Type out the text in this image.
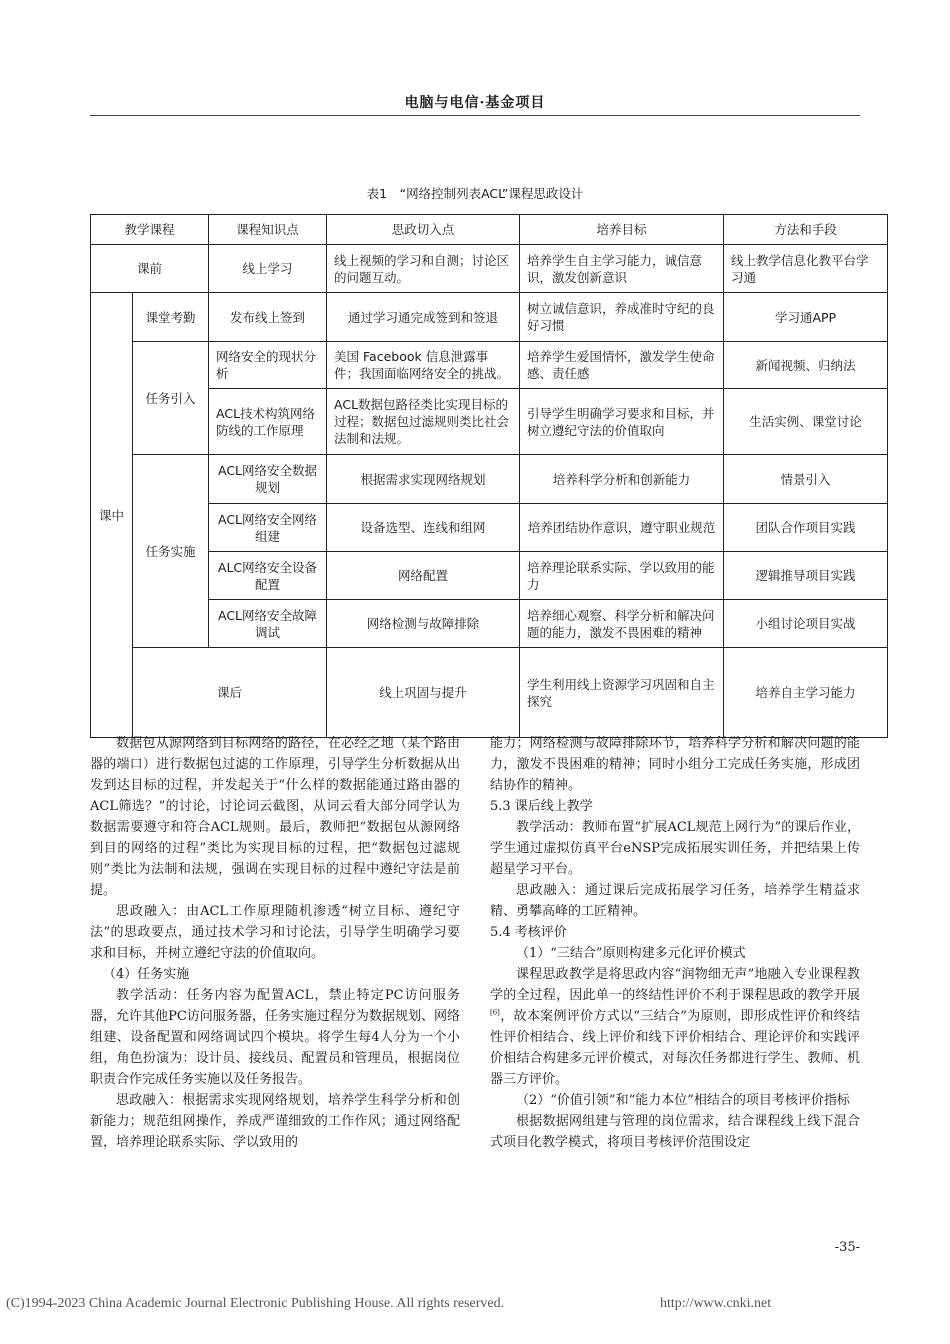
电脑与电信·基金项目
表1　“网络控制列表ACL”课程思政设计
教学课程		课程知识点	思政切入点	培养目标	方法和手段	
课前		线上学习	线上视频的学习和自测；讨论区的问题互动。	培养学生自主学习能力，诚信意识，激发创新意识	线上教学信息化教平台学习通	
课中	课堂考勤	发布线上签到	通过学习通完成签到和签退	树立诚信意识，养成准时守纪的良好习惯	学习通APP	
	任务引入	网络安全的现状分析	美国 Facebook 信息泄露事件；我国面临网络安全的挑战。	培养学生爱国情怀，激发学生使命感、责任感	新闻视频、归纳法	
		ACL技术构筑网络防线的工作原理	ACL数据包路径类比实现目标的过程；数据包过滤规则类比社会法制和法规。	引导学生明确学习要求和目标，并树立遵纪守法的价值取向	生活实例、课堂讨论	
	任务实施	ACL网络安全数据规划	根据需求实现网络规划	培养科学分析和创新能力	情景引入	
		ACL网络安全网络组建	设备选型、连线和组网	培养团结协作意识，遵守职业规范	团队合作项目实践	
		ALC网络安全设备配置	网络配置	培养理论联系实际、学以致用的能力	逻辑推导项目实践	
		ACL网络安全故障调试	网络检测与故障排除	培养细心观察、科学分析和解决问题的能力，激发不畏困难的精神	小组讨论项目实战	
	课后		线上巩固与提升	学生利用线上资源学习巩固和自主探究	培养自主学习能力	

数据包从源网络到目标网络的路径，在必经之地（某个路由器的端口）进行数据包过滤的工作原理，引导学生分析数据从出发到达目标的过程，并发起关于“什么样的数据能通过路由器的ACL筛选？”的讨论，讨论词云截图，从词云看大部分同学认为数据需要遵守和符合ACL规则。最后，教师把“数据包从源网络到目的网络的过程”类比为实现目标的过程，把“数据包过滤规则”类比为法制和法规，强调在实现目标的过程中遵纪守法是前提。

思政融入：由ACL工作原理随机渗透“树立目标、遵纪守法”的思政要点，通过技术学习和讨论法，引导学生明确学习要求和目标，并树立遵纪守法的价值取向。

（4）任务实施

教学活动：任务内容为配置ACL，禁止特定PC访问服务器，允许其他PC访问服务器，任务实施过程分为数据规划、网络组建、设备配置和网络调试四个模块。将学生每4人分为一个小组，角色扮演为：设计员、接线员、配置员和管理员，根据岗位职责合作完成任务实施以及任务报告。

思政融入：根据需求实现网络规划，培养学生科学分析和创新能力；规范组网操作，养成严谨细致的工作作风；通过网络配置，培养理论联系实际、学以致用的

能力；网络检测与故障排除环节，培养科学分析和解决问题的能力，激发不畏困难的精神；同时小组分工完成任务实施，形成团结协作的精神。

5.3 课后线上教学

教学活动：教师布置“扩展ACL规范上网行为”的课后作业，学生通过虚拟仿真平台eNSP完成拓展实训任务，并把结果上传超星学习平台。

思政融入：通过课后完成拓展学习任务，培养学生精益求精、勇攀高峰的工匠精神。

5.4 考核评价

（1）“三结合”原则构建多元化评价模式

课程思政教学是将思政内容“润物细无声”地融入专业课程教学的全过程，因此单一的终结性评价不利于课程思政的教学开展[6]，故本案例评价方式以“三结合”为原则，即形成性评价和终结性评价相结合、线上评价和线下评价相结合、理论评价和实践评价相结合构建多元评价模式，对每次任务都进行学生、教师、机器三方评价。

（2）“价值引领”和“能力本位”相结合的项目考核评价指标

根据数据网组建与管理的岗位需求，结合课程线上线下混合式项目化教学模式，将项目考核评价范围设定

-35-
(C)1994-2023 China Academic Journal Electronic Publishing House. All rights reserved.	http://www.cnki.net
